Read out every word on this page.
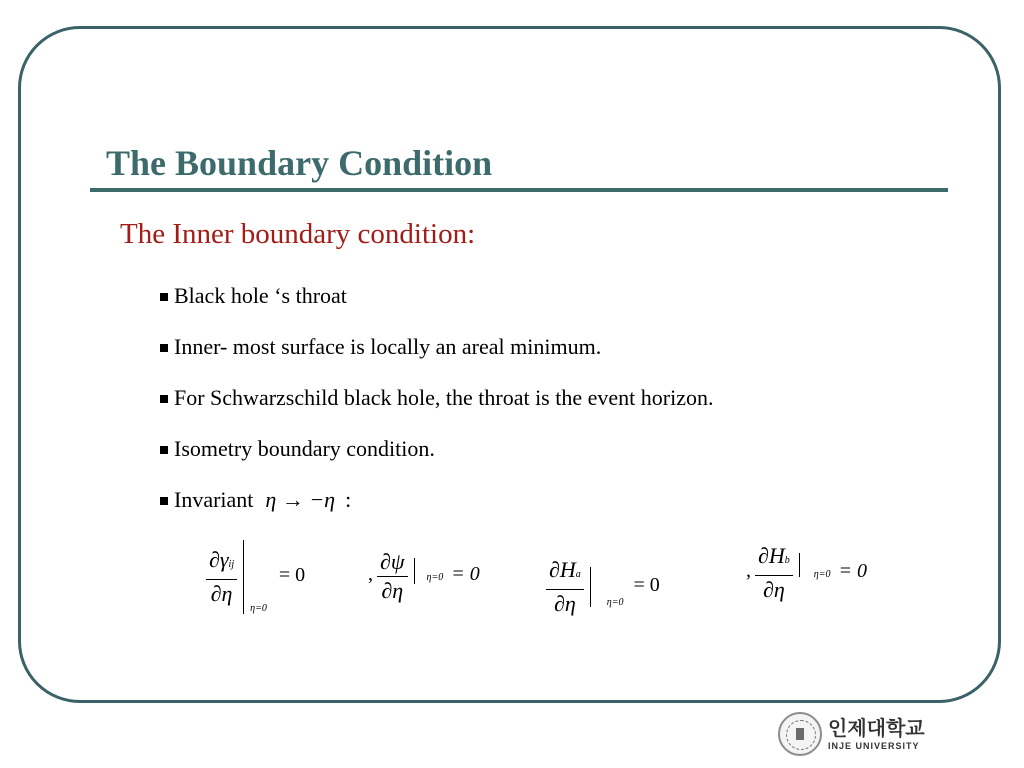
The Boundary Condition
The Inner boundary condition:
Black hole ‘s throat
Inner- most surface is locally an areal minimum.
For Schwarzschild black hole, the throat is the event horizon.
Isometry boundary condition.
Invariant η → −η :
$\frac{\text{∂γij}}{\partial\eta}$
$_{\eta=0}$ = 0	, $\frac{\partial\psi}{\partial\eta} \eta=0 = 0$	$\frac{\partial Ha}{\partial\eta} _{\eta=0} = 0$
, $\frac{\partial Hb}{\partial\eta} \eta=0 = 0$
인제대학교
INJE UNIVERSITY
